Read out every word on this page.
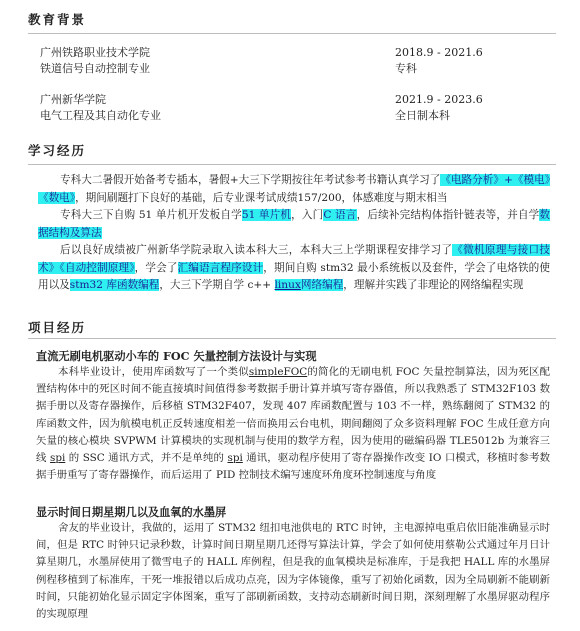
教育背景
广州铁路职业技术学院
铁道信号自动控制专业
2018.9 - 2021.6
专科
广州新华学院
电气工程及其自动化专业
2021.9 - 2023.6
全日制本科
学习经历

专科大二暑假开始备考专插本，暑假+大三下学期按往年考试参考书籍认真学习了《电路分析》+《模电》《数电》，期间刷题打下良好的基础，后专业课考试成绩157/200，体感难度与期末相当

专科大三下自购 51 单片机开发板自学51 单片机，入门C 语言，后续补完结构体指针链表等，并自学数据结构及算法

后以良好成绩被广州新华学院录取入读本科大三，本科大三上学期课程安排学习了《微机原理与接口技术》《自动控制原理》，学会了汇编语言程序设计，期间自购 stm32 最小系统板以及套件，学会了电烙铁的使用以及stm32 库函数编程，大三下学期自学 c++ linux网络编程，理解并实践了非理论的网络编程实现

项目经历
直流无刷电机驱动小车的 FOC 矢量控制方法设计与实现

本科毕业设计，使用库函数写了一个类似simpleFOC的简化的无刷电机 FOC 矢量控制算法，因为死区配置结构体中的死区时间不能直接填时间值得参考数据手册计算并填写寄存器值，所以我熟悉了 STM32F103 数据手册以及寄存器操作，后移植 STM32F407，发现 407 库函数配置与 103 不一样，熟练翻阅了 STM32 的库函数文件，因为航模电机正反转速度相差一倍而换用云台电机，期间翻阅了众多资料理解 FOC 生成任意方向矢量的核心模块 SVPWM 计算模块的实现机制与使用的数学方程，因为使用的磁编码器 TLE5012b 为兼容三线 spi 的 SSC 通讯方式，并不是单纯的 spi 通讯，驱动程序使用了寄存器操作改变 IO 口模式，移植时参考数据手册重写了寄存器操作，而后运用了 PID 控制技术编写速度环角度环控制速度与角度

显示时间日期星期几以及血氧的水墨屏

舍友的毕业设计，我做的，运用了 STM32 纽扣电池供电的 RTC 时钟，主电源掉电重启依旧能准确显示时间，但是 RTC 时钟只记录秒数，计算时间日期星期几还得写算法计算，学会了如何使用蔡勒公式通过年月日计算星期几，水墨屏使用了微雪电子的 HALL 库例程，但是我的血氧模块是标准库，于是我把 HALL 库的水墨屏例程移植到了标准库，干死一堆报错以后成功点亮，因为字体镜像，重写了初始化函数，因为全局刷新不能刷新时间，只能初始化显示固定字体图案，重写了部刷新函数，支持动态刷新时间日期，深刻理解了水墨屏驱动程序的实现原理
